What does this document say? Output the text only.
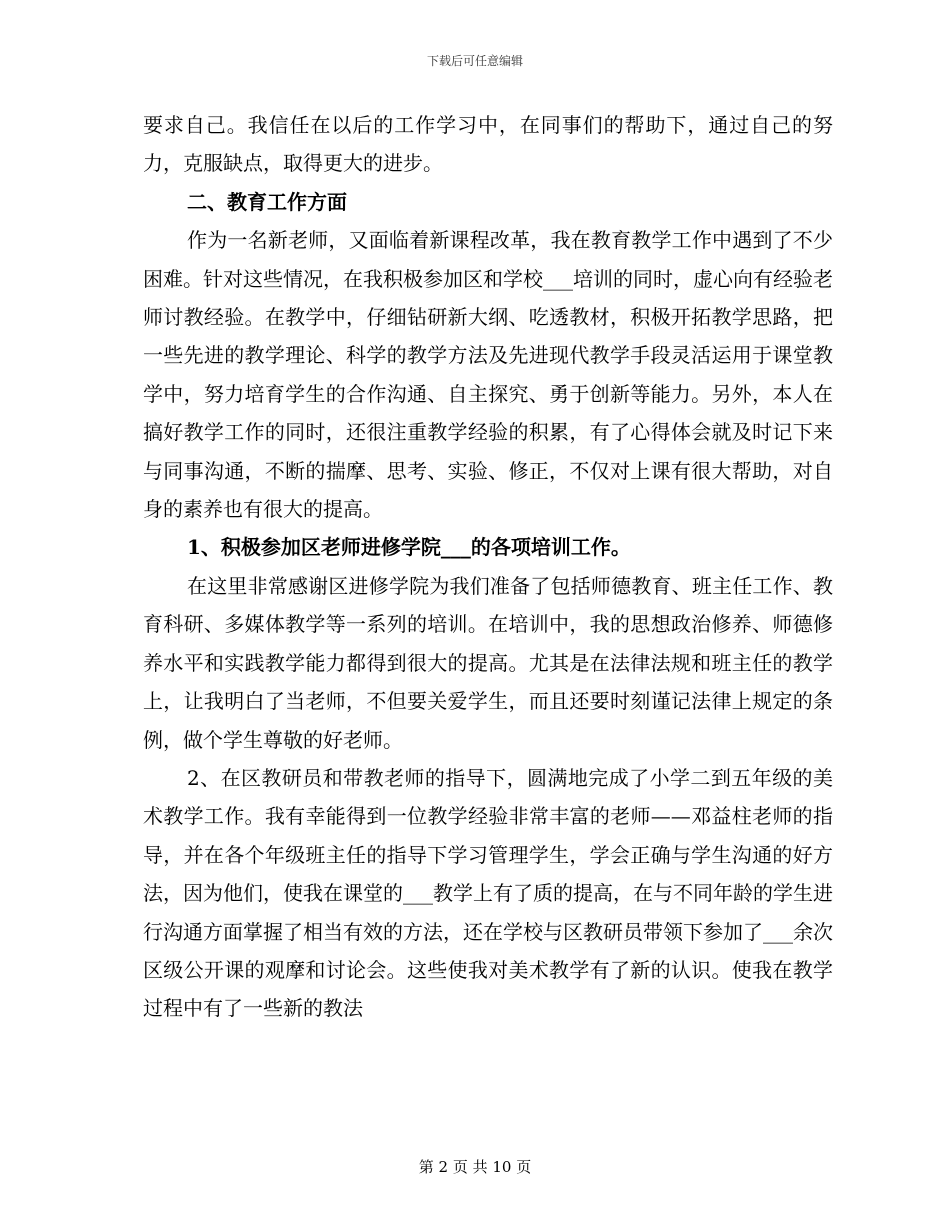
下载后可任意编辑

要求自己。我信任在以后的工作学习中，在同事们的帮助下，通过自己的努力，克服缺点，取得更大的进步。

二、教育工作方面

作为一名新老师，又面临着新课程改革，我在教育教学工作中遇到了不少困难。针对这些情况，在我积极参加区和学校___培训的同时，虚心向有经验老师讨教经验。在教学中，仔细钻研新大纲、吃透教材，积极开拓教学思路，把一些先进的教学理论、科学的教学方法及先进现代教学手段灵活运用于课堂教学中，努力培育学生的合作沟通、自主探究、勇于创新等能力。另外，本人在搞好教学工作的同时，还很注重教学经验的积累，有了心得体会就及时记下来与同事沟通，不断的揣摩、思考、实验、修正，不仅对上课有很大帮助，对自身的素养也有很大的提高。

1、积极参加区老师进修学院___的各项培训工作。

在这里非常感谢区进修学院为我们准备了包括师德教育、班主任工作、教育科研、多媒体教学等一系列的培训。在培训中，我的思想政治修养、师德修养水平和实践教学能力都得到很大的提高。尤其是在法律法规和班主任的教学上，让我明白了当老师，不但要关爱学生，而且还要时刻谨记法律上规定的条例，做个学生尊敬的好老师。

2、在区教研员和带教老师的指导下，圆满地完成了小学二到五年级的美术教学工作。我有幸能得到一位教学经验非常丰富的老师——邓益柱老师的指导，并在各个年级班主任的指导下学习管理学生，学会正确与学生沟通的好方法，因为他们，使我在课堂的___教学上有了质的提高，在与不同年龄的学生进行沟通方面掌握了相当有效的方法，还在学校与区教研员带领下参加了___余次区级公开课的观摩和讨论会。这些使我对美术教学有了新的认识。使我在教学过程中有了一些新的教法

第 2 页 共 10 页
